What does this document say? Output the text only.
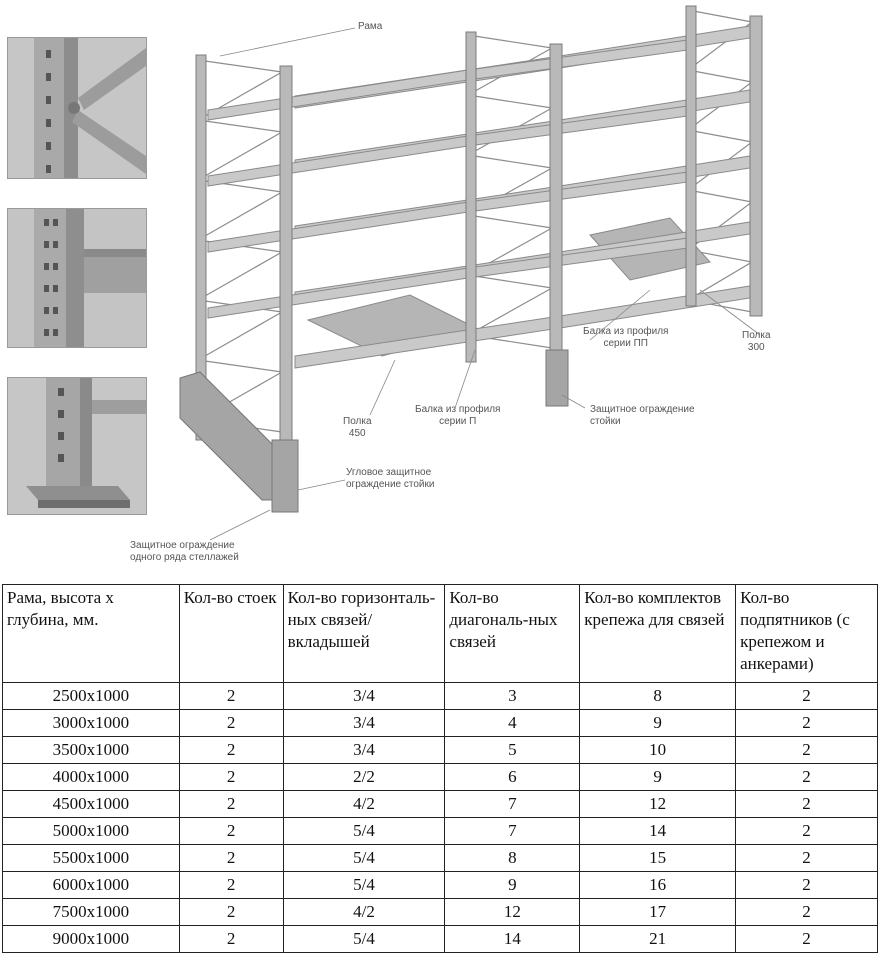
Рама
Балка из профиля
серии ПП
Полка
300
Полка
450
Балка из профиля
серии П
Защитное ограждение
стойки
Угловое защитное
ограждение стойки
Защитное ограждение
одного ряда стеллажей
Рама, высота х глубина, мм.	Кол-во стоек	Кол-во горизонталь-ных связей/ вкладышей	Кол-во диагональ-ных связей	Кол-во комплектов крепежа для связей	Кол-во подпятников (с крепежом и анкерами)
2500х1000	2	3/4	3	8	2
3000х1000	2	3/4	4	9	2
3500х1000	2	3/4	5	10	2
4000х1000	2	2/2	6	9	2
4500х1000	2	4/2	7	12	2
5000х1000	2	5/4	7	14	2
5500х1000	2	5/4	8	15	2
6000х1000	2	5/4	9	16	2
7500х1000	2	4/2	12	17	2
9000х1000	2	5/4	14	21	2
